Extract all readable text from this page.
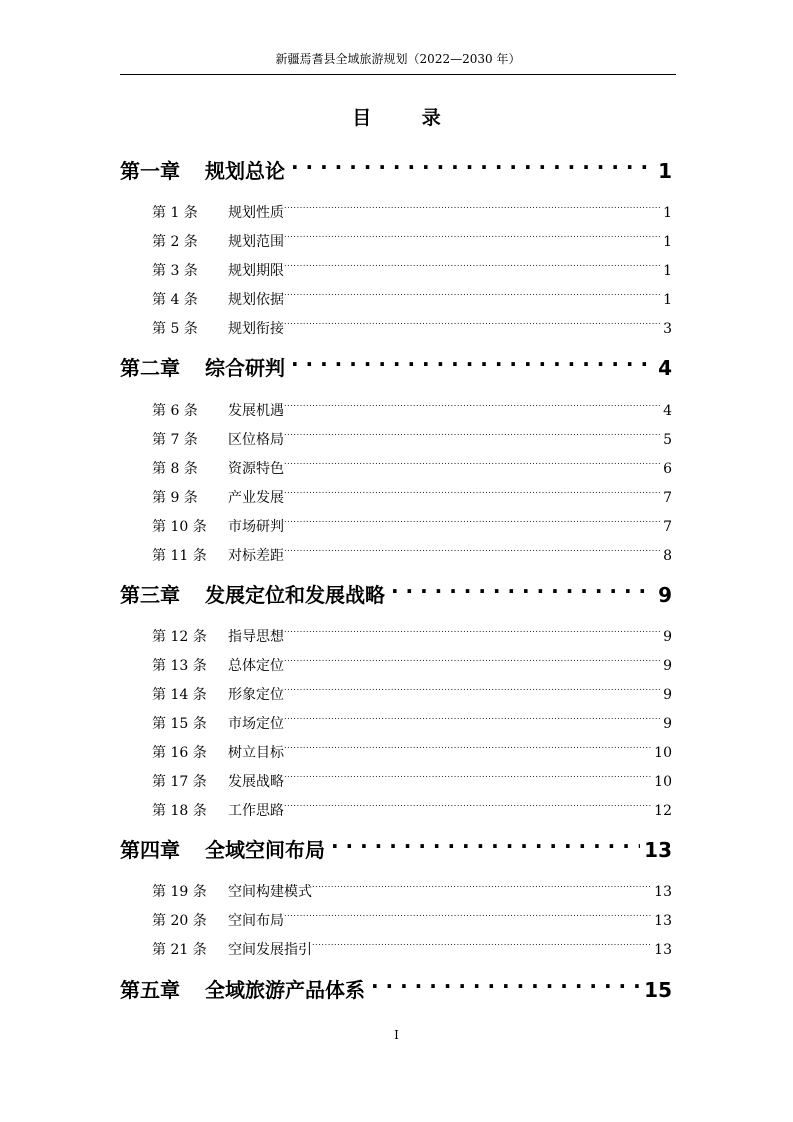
新疆焉耆县全域旅游规划（2022—2030 年）
目 录
第一章	规划总论 . . .	1
第 1 条	规划性质 .....	1
第 2 条	规划范围 .....	1
第 3 条	规划期限 .....	1
第 4 条	规划依据 .....	1
第 5 条	规划衔接 .....	3
第二章	综合研判 . . .	4
第 6 条	发展机遇 .....	4
第 7 条	区位格局 .....	5
第 8 条	资源特色 .....	6
第 9 条	产业发展 .....	7
第 10 条	市场研判 .....	7
第 11 条	对标差距 .....	8
第三章	发展定位和发展战略 . . .	9
第 12 条	指导思想 .....	9
第 13 条	总体定位 .....	9
第 14 条	形象定位 .....	9
第 15 条	市场定位 .....	9
第 16 条	树立目标 .....	10
第 17 条	发展战略 .....	10
第 18 条	工作思路 .....	12
第四章	全域空间布局 . . .	13
第 19 条	空间构建模式 .....	13
第 20 条	空间布局 .....	13
第 21 条	空间发展指引 .....	13
第五章	全域旅游产品体系 . . .	15
I
